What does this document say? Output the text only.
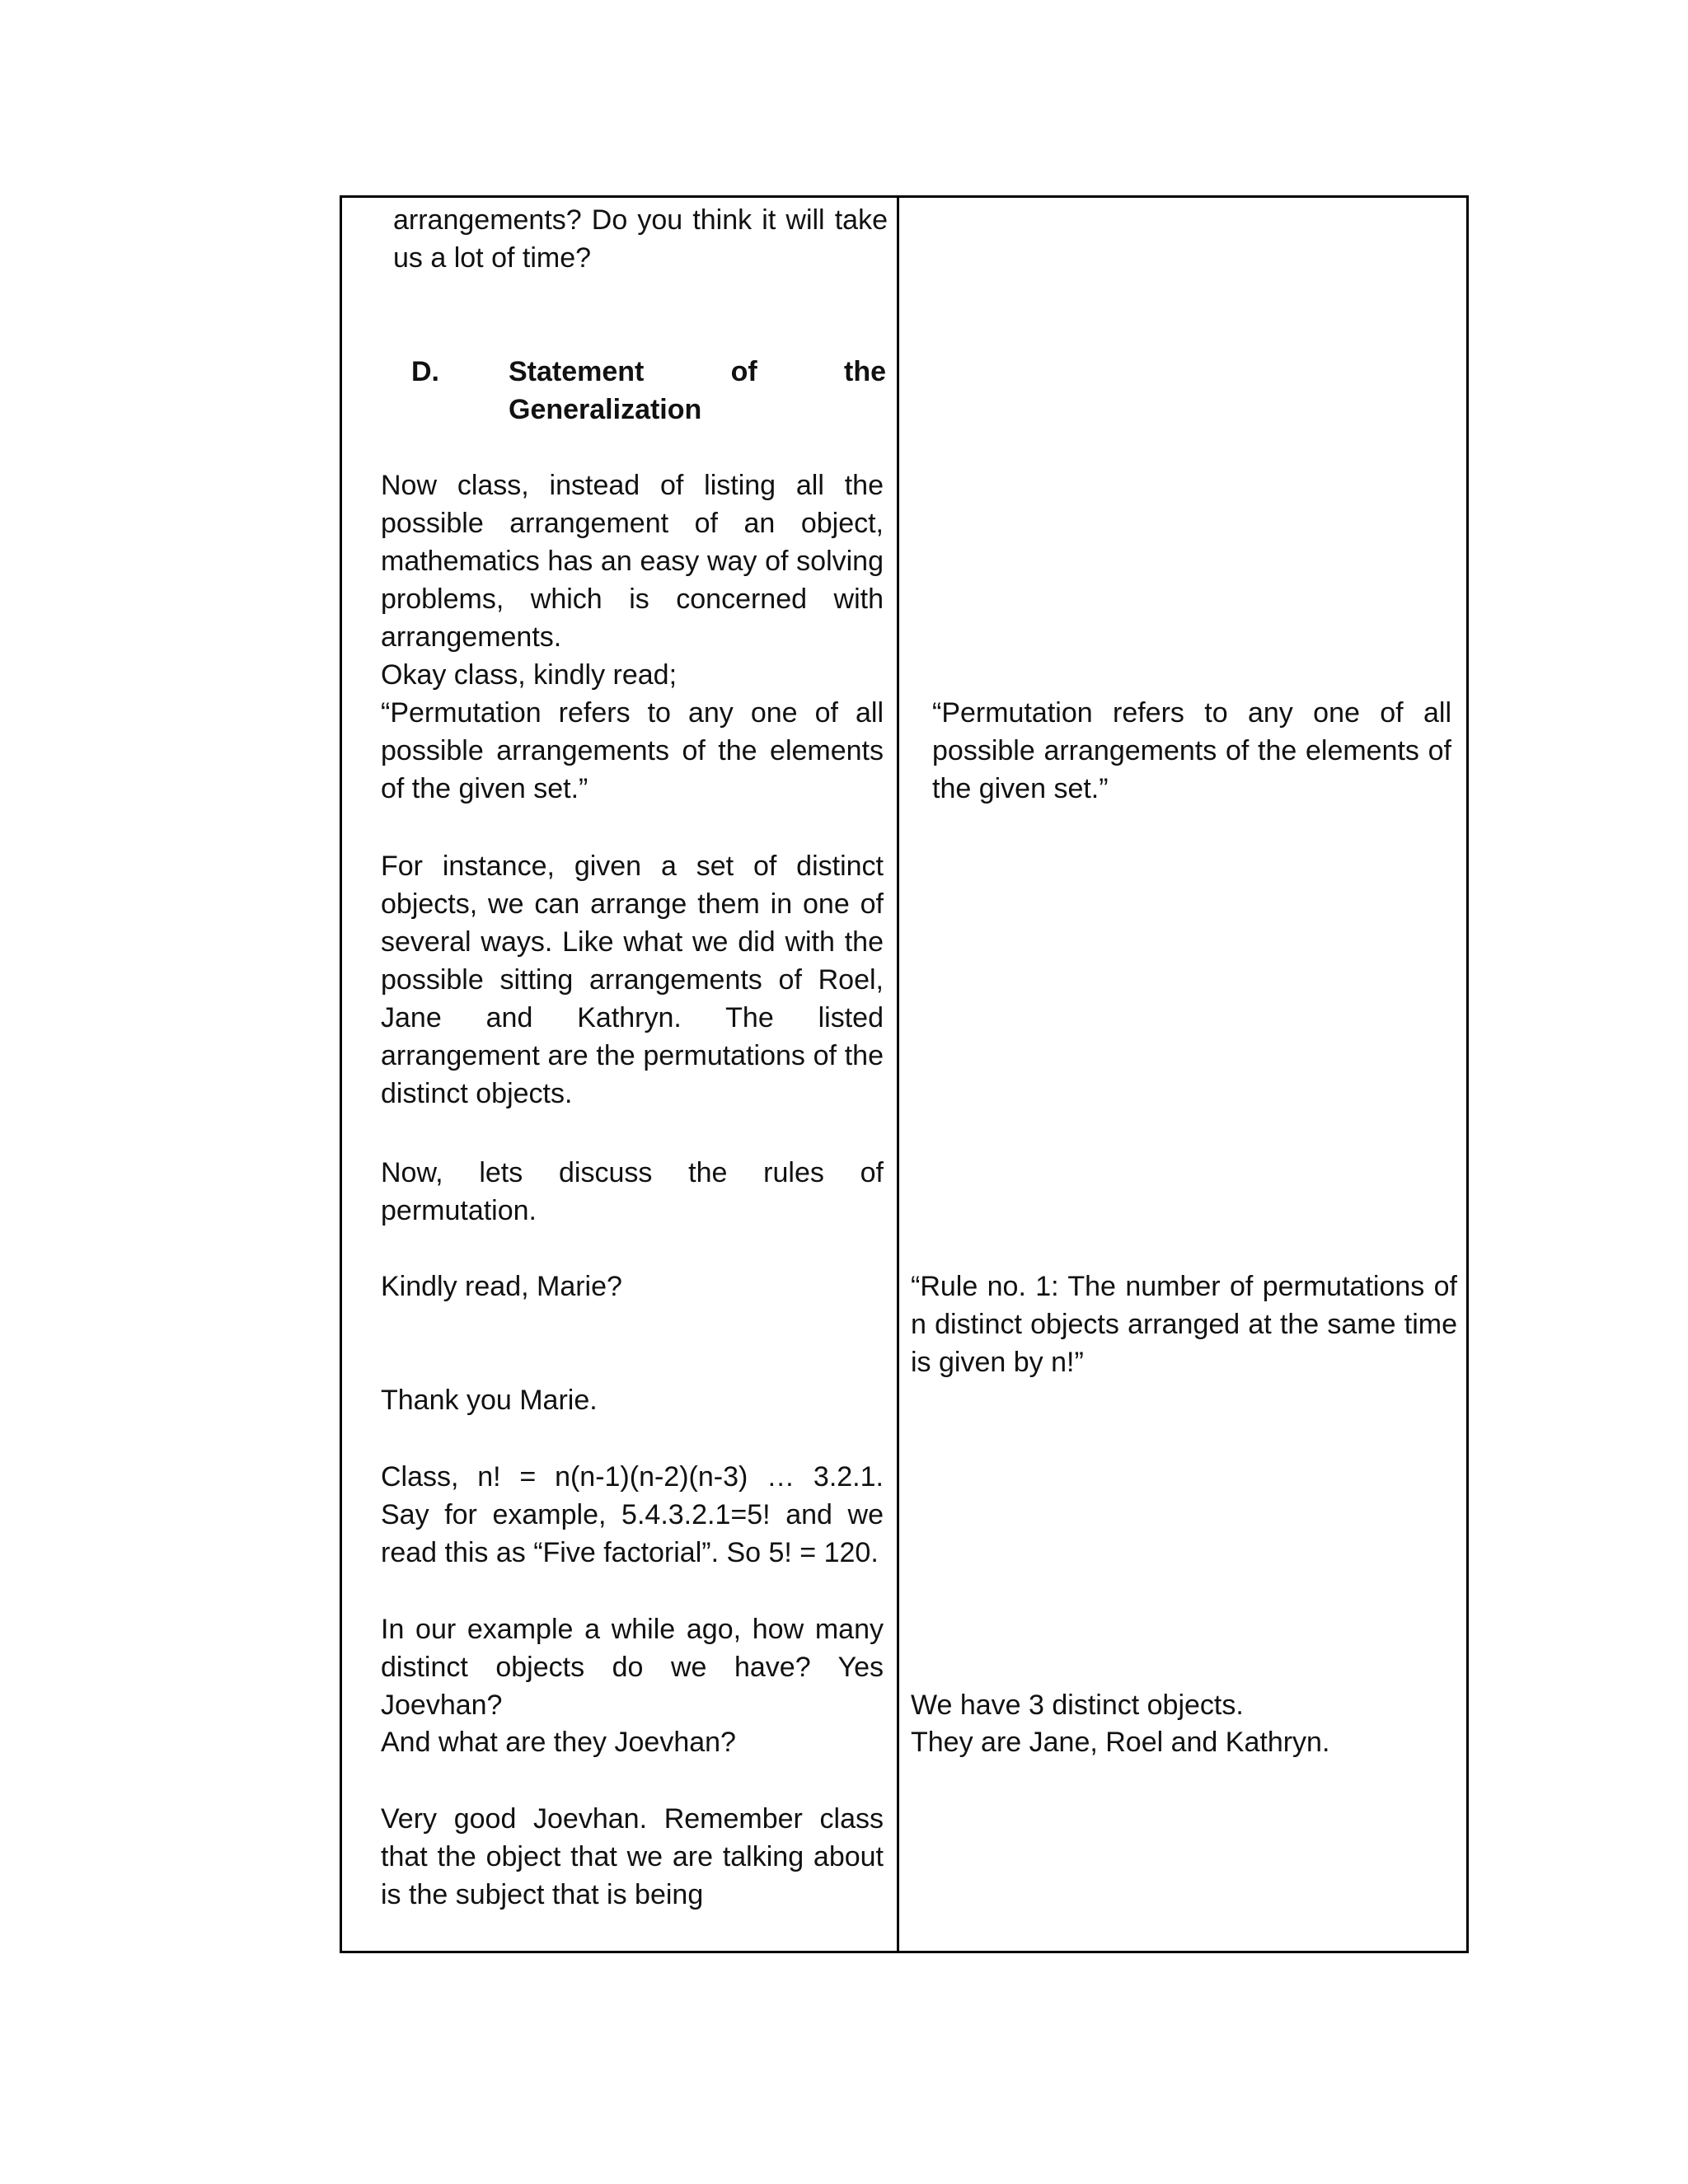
arrangements? Do you think it will take us a lot of time?
D. Statement of the Generalization
Now class, instead of listing all the possible arrangement of an object, mathematics has an easy way of solving problems, which is concerned with arrangements.
Okay class, kindly read;
“Permutation refers to any one of all possible arrangements of the elements of the given set.”
For instance, given a set of distinct objects, we can arrange them in one of several ways. Like what we did with the possible sitting arrangements of Roel, Jane and Kathryn. The listed arrangement are the permutations of the distinct objects.
Now, lets discuss the rules of permutation.
Kindly read, Marie?
Thank you Marie.
Class, n! = n(n-1)(n-2)(n-3) … 3.2.1. Say for example, 5.4.3.2.1=5! and we read this as “Five factorial”. So 5! = 120.
In our example a while ago, how many distinct objects do we have? Yes Joevhan?
And what are they Joevhan?
Very good Joevhan. Remember class that the object that we are talking about is the subject that is being
“Permutation refers to any one of all possible arrangements of the elements of the given set.”
“Rule no. 1: The number of permutations of n distinct objects arranged at the same time is given by n!”
We have 3 distinct objects.
They are Jane, Roel and Kathryn.
